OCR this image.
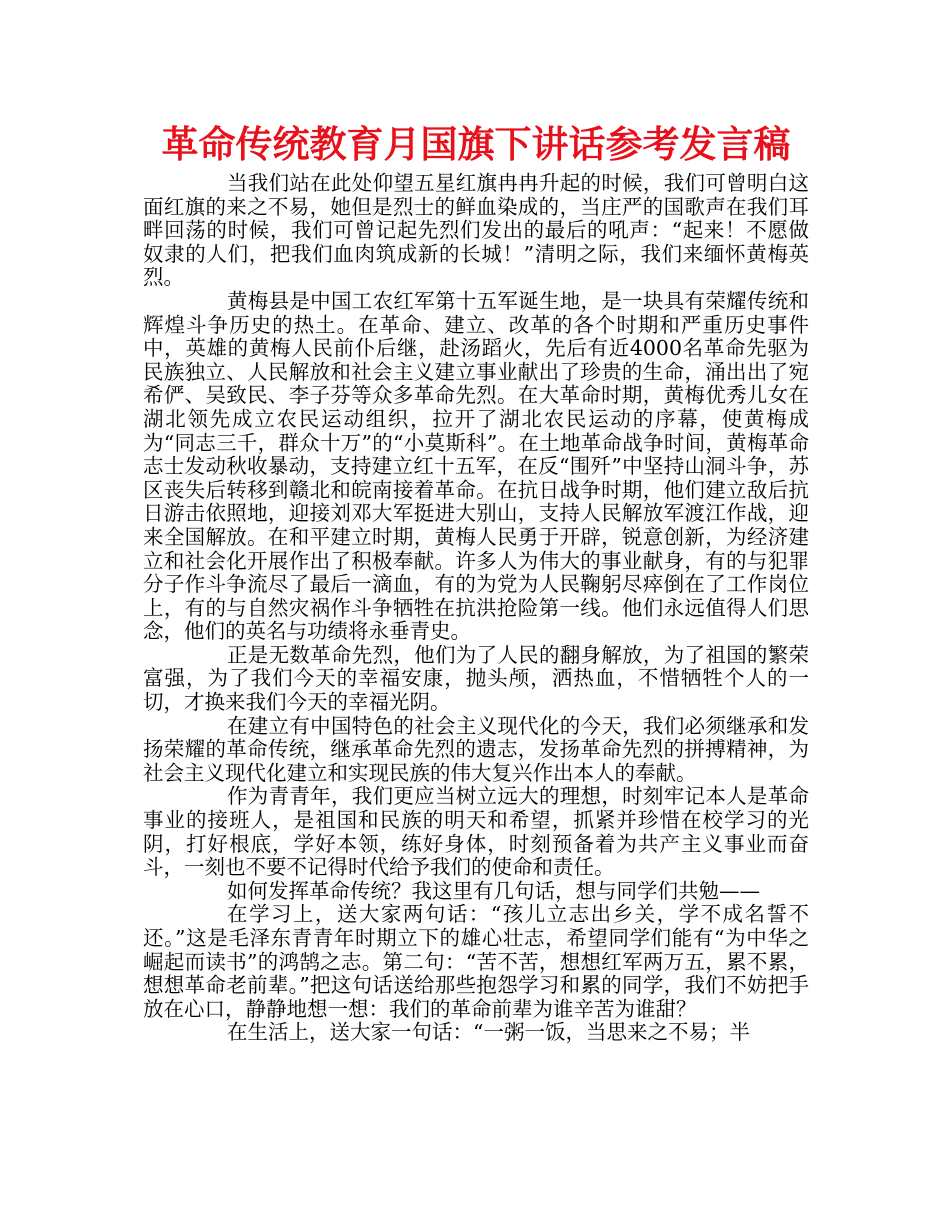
革命传统教育月国旗下讲话参考发言稿

当我们站在此处仰望五星红旗冉冉升起的时候，我们可曾明白这面红旗的来之不易，她但是烈士的鲜血染成的，当庄严的国歌声在我们耳畔回荡的时候，我们可曾记起先烈们发出的最后的吼声：“起来！不愿做奴隶的人们，把我们血肉筑成新的长城！”清明之际，我们来缅怀黄梅英烈。

黄梅县是中国工农红军第十五军诞生地，是一块具有荣耀传统和辉煌斗争历史的热土。在革命、建立、改革的各个时期和严重历史事件中，英雄的黄梅人民前仆后继，赴汤蹈火，先后有近4000名革命先驱为民族独立、人民解放和社会主义建立事业献出了珍贵的生命，涌出出了宛希俨、吴致民、李子芬等众多革命先烈。在大革命时期，黄梅优秀儿女在湖北领先成立农民运动组织，拉开了湖北农民运动的序幕，使黄梅成为“同志三千，群众十万”的“小莫斯科”。在土地革命战争时间，黄梅革命志士发动秋收暴动，支持建立红十五军，在反“围歼”中坚持山洞斗争，苏区丧失后转移到赣北和皖南接着革命。在抗日战争时期，他们建立敌后抗日游击依照地，迎接刘邓大军挺进大别山，支持人民解放军渡江作战，迎来全国解放。在和平建立时期，黄梅人民勇于开辟，锐意创新，为经济建立和社会化开展作出了积极奉献。许多人为伟大的事业献身，有的与犯罪分子作斗争流尽了最后一滴血，有的为党为人民鞠躬尽瘁倒在了工作岗位上，有的与自然灾祸作斗争牺牲在抗洪抢险第一线。他们永远值得人们思念，他们的英名与功绩将永垂青史。

正是无数革命先烈，他们为了人民的翻身解放，为了祖国的繁荣富强，为了我们今天的幸福安康，抛头颅，洒热血，不惜牺牲个人的一切，才换来我们今天的幸福光阴。

在建立有中国特色的社会主义现代化的今天，我们必须继承和发扬荣耀的革命传统，继承革命先烈的遗志，发扬革命先烈的拼搏精神，为社会主义现代化建立和实现民族的伟大复兴作出本人的奉献。

作为青青年，我们更应当树立远大的理想，时刻牢记本人是革命事业的接班人，是祖国和民族的明天和希望，抓紧并珍惜在校学习的光阴，打好根底，学好本领，练好身体，时刻预备着为共产主义事业而奋斗，一刻也不要不记得时代给予我们的使命和责任。

如何发挥革命传统？我这里有几句话，想与同学们共勉——

在学习上，送大家两句话：“孩儿立志出乡关，学不成名誓不还。”这是毛泽东青青年时期立下的雄心壮志，希望同学们能有“为中华之崛起而读书”的鸿鹄之志。第二句：“苦不苦，想想红军两万五，累不累，想想革命老前辈。”把这句话送给那些抱怨学习和累的同学，我们不妨把手放在心口，静静地想一想：我们的革命前辈为谁辛苦为谁甜？

在生活上，送大家一句话：“一粥一饭，当思来之不易；半
